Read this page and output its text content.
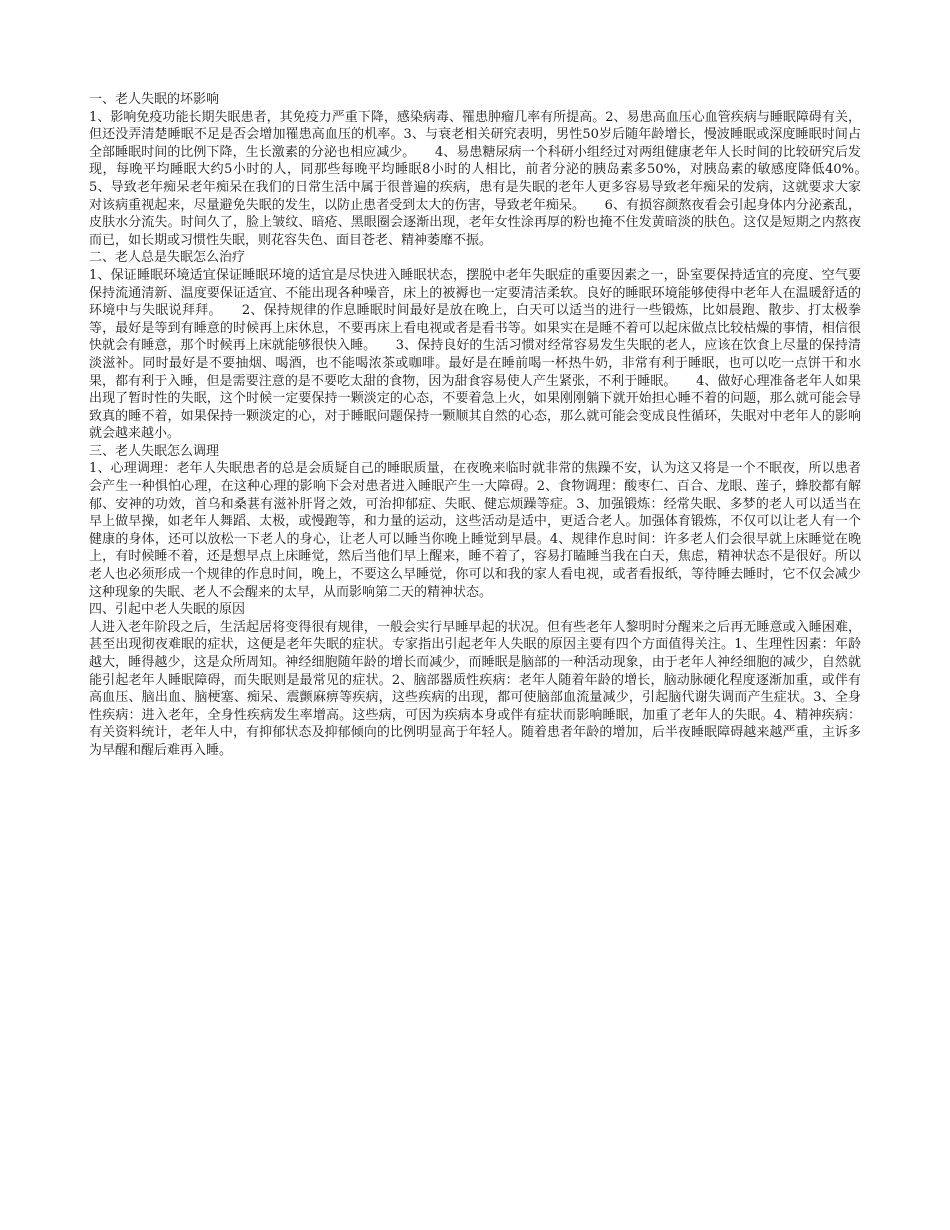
一、老人失眠的坏影响

1、影响免疫功能长期失眠患者，其免疫力严重下降，感染病毒、罹患肿瘤几率有所提高。2、易患高血压心血管疾病与睡眠障碍有关，但还没弄清楚睡眠不足是否会增加罹患高血压的机率。3、与衰老相关研究表明，男性50岁后随年龄增长，慢波睡眠或深度睡眠时间占全部睡眠时间的比例下降，生长激素的分泌也相应减少。　　4、易患糖尿病一个科研小组经过对两组健康老年人长时间的比较研究后发现，每晚平均睡眠大约5小时的人，同那些每晚平均睡眠8小时的人相比，前者分泌的胰岛素多50%，对胰岛素的敏感度降低40%。　　5、导致老年痴呆老年痴呆在我们的日常生活中属于很普遍的疾病，患有是失眠的老年人更多容易导致老年痴呆的发病，这就要求大家对该病重视起来，尽量避免失眠的发生，以防止患者受到太大的伤害，导致老年痴呆。　　6、有损容颜熬夜看会引起身体内分泌紊乱，皮肤水分流失。时间久了，脸上皱纹、暗疮、黑眼圈会逐渐出现，老年女性涂再厚的粉也掩不住发黄暗淡的肤色。这仅是短期之内熬夜而已，如长期或习惯性失眠，则花容失色、面目苍老、精神萎靡不振。

二、老人总是失眠怎么治疗

1、保证睡眠环境适宜保证睡眠环境的适宜是尽快进入睡眠状态，摆脱中老年失眠症的重要因素之一，卧室要保持适宜的亮度、空气要保持流通清新、温度要保证适宜、不能出现各种噪音，床上的被褥也一定要清洁柔软。良好的睡眠环境能够使得中老年人在温暖舒适的环境中与失眠说拜拜。　　2、保持规律的作息睡眠时间最好是放在晚上，白天可以适当的进行一些锻炼，比如晨跑、散步、打太极拳等，最好是等到有睡意的时候再上床休息，不要再床上看电视或者是看书等。如果实在是睡不着可以起床做点比较枯燥的事情，相信很快就会有睡意，那个时候再上床就能够很快入睡。　　3、保持良好的生活习惯对经常容易发生失眠的老人，应该在饮食上尽量的保持清淡滋补。同时最好是不要抽烟、喝酒，也不能喝浓茶或咖啡。最好是在睡前喝一杯热牛奶，非常有利于睡眠，也可以吃一点饼干和水果，都有利于入睡，但是需要注意的是不要吃太甜的食物，因为甜食容易使人产生紧张，不利于睡眠。　　4、做好心理准备老年人如果出现了暂时性的失眠，这个时候一定要保持一颗淡定的心态，不要着急上火，如果刚刚躺下就开始担心睡不着的问题，那么就可能会导致真的睡不着，如果保持一颗淡定的心，对于睡眠问题保持一颗顺其自然的心态，那么就可能会变成良性循环，失眠对中老年人的影响就会越来越小。

三、老人失眠怎么调理

1、心理调理：老年人失眠患者的总是会质疑自己的睡眠质量，在夜晚来临时就非常的焦躁不安，认为这又将是一个不眠夜，所以患者会产生一种惧怕心理，在这种心理的影响下会对患者进入睡眠产生一大障碍。2、食物调理：酸枣仁、百合、龙眼、莲子，蜂胶都有解郁、安神的功效，首乌和桑葚有滋补肝肾之效，可治抑郁症、失眠、健忘烦躁等症。3、加强锻炼：经常失眠、多梦的老人可以适当在早上做早操，如老年人舞蹈、太极，或慢跑等，和力量的运动，这些活动是适中，更适合老人。加强体育锻炼，不仅可以让老人有一个健康的身体，还可以放松一下老人的身心，让老人可以睡当你晚上睡觉到早晨。4、规律作息时间：许多老人们会很早就上床睡觉在晚上，有时候睡不着，还是想早点上床睡觉，然后当他们早上醒来，睡不着了，容易打瞌睡当我在白天，焦虑，精神状态不是很好。所以老人也必须形成一个规律的作息时间，晚上，不要这么早睡觉，你可以和我的家人看电视，或者看报纸，等待睡去睡时，它不仅会减少这种现象的失眠、老人不会醒来的太早，从而影响第二天的精神状态。

四、引起中老人失眠的原因

人进入老年阶段之后，生活起居将变得很有规律，一般会实行早睡早起的状况。但有些老年人黎明时分醒来之后再无睡意或入睡困难，甚至出现彻夜难眠的症状，这便是老年失眠的症状。专家指出引起老年人失眠的原因主要有四个方面值得关注。1、生理性因素：年龄越大，睡得越少，这是众所周知。神经细胞随年龄的增长而减少，而睡眠是脑部的一种活动现象，由于老年人神经细胞的减少，自然就能引起老年人睡眠障碍，而失眠则是最常见的症状。2、脑部器质性疾病：老年人随着年龄的增长，脑动脉硬化程度逐渐加重，或伴有高血压、脑出血、脑梗塞、痴呆、震颤麻痹等疾病，这些疾病的出现，都可使脑部血流量减少，引起脑代谢失调而产生症状。3、全身性疾病：进入老年，全身性疾病发生率增高。这些病，可因为疾病本身或伴有症状而影响睡眠，加重了老年人的失眠。4、精神疾病：有关资料统计，老年人中，有抑郁状态及抑郁倾向的比例明显高于年轻人。随着患者年龄的增加，后半夜睡眠障碍越来越严重，主诉多为早醒和醒后难再入睡。
